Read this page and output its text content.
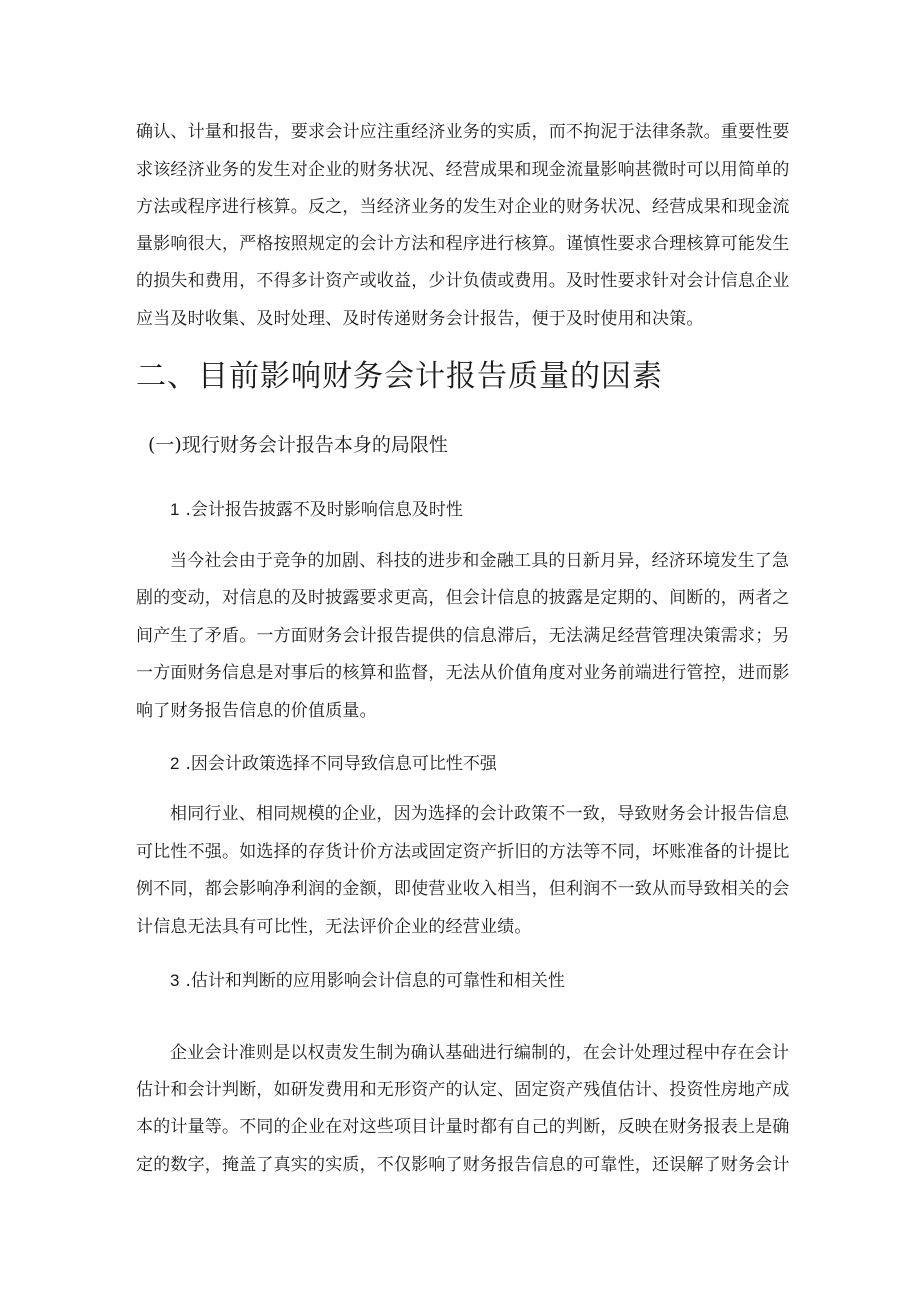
确认、计量和报告，要求会计应注重经济业务的实质，而不拘泥于法律条款。重要性要
求该经济业务的发生对企业的财务状况、经营成果和现金流量影响甚微时可以用简单的
方法或程序进行核算。反之，当经济业务的发生对企业的财务状况、经营成果和现金流
量影响很大，严格按照规定的会计方法和程序进行核算。谨慎性要求合理核算可能发生
的损失和费用，不得多计资产或收益，少计负债或费用。及时性要求针对会计信息企业
应当及时收集、及时处理、及时传递财务会计报告，便于及时使用和决策。
二、目前影响财务会计报告质量的因素
(一)现行财务会计报告本身的局限性
1 .会计报告披露不及时影响信息及时性
当今社会由于竞争的加剧、科技的进步和金融工具的日新月异，经济环境发生了急
剧的变动，对信息的及时披露要求更高，但会计信息的披露是定期的、间断的，两者之
间产生了矛盾。一方面财务会计报告提供的信息滞后，无法满足经营管理决策需求；另
一方面财务信息是对事后的核算和监督，无法从价值角度对业务前端进行管控，进而影
响了财务报告信息的价值质量。
2 .因会计政策选择不同导致信息可比性不强
相同行业、相同规模的企业，因为选择的会计政策不一致，导致财务会计报告信息
可比性不强。如选择的存货计价方法或固定资产折旧的方法等不同，坏账准备的计提比
例不同，都会影响净利润的金额，即使营业收入相当，但利润不一致从而导致相关的会
计信息无法具有可比性，无法评价企业的经营业绩。
3 .估计和判断的应用影响会计信息的可靠性和相关性
企业会计准则是以权责发生制为确认基础进行编制的，在会计处理过程中存在会计
估计和会计判断，如研发费用和无形资产的认定、固定资产残值估计、投资性房地产成
本的计量等。不同的企业在对这些项目计量时都有自己的判断，反映在财务报表上是确
定的数字，掩盖了真实的实质，不仅影响了财务报告信息的可靠性，还误解了财务会计
